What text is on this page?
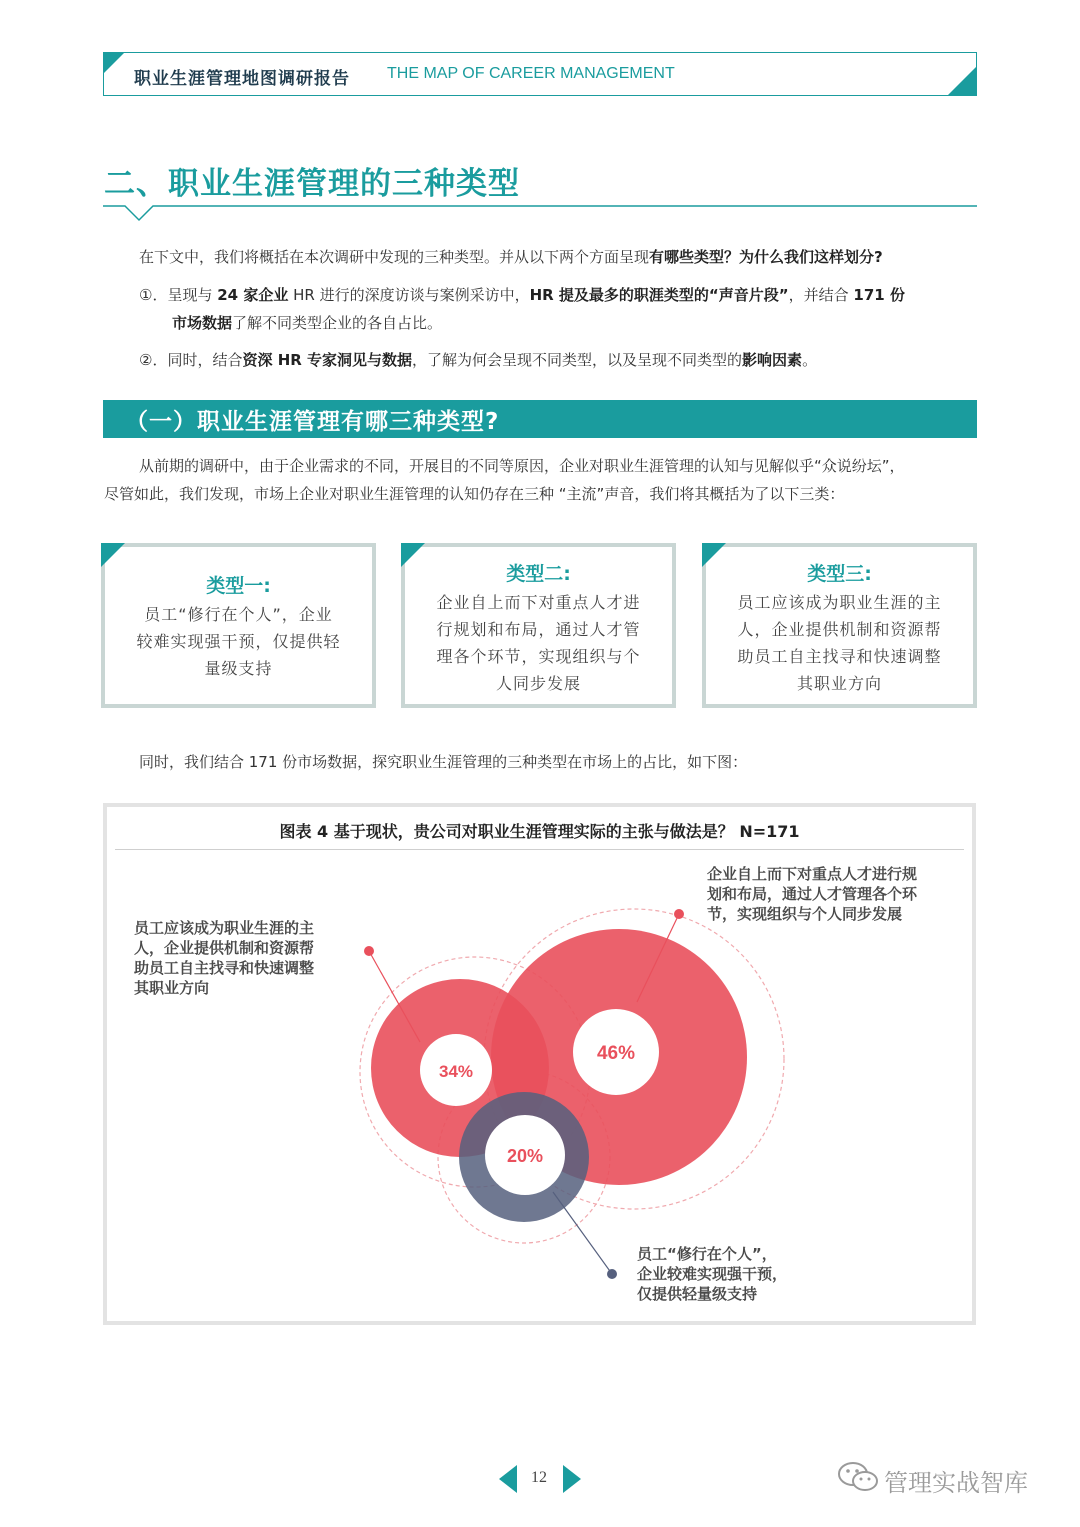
职业生涯管理地图调研报告 THE MAP OF CAREER MANAGEMENT
二、职业生涯管理的三种类型
在下文中，我们将概括在本次调研中发现的三种类型。并从以下两个方面呈现有哪些类型？为什么我们这样划分?
①．呈现与 24 家企业 HR 进行的深度访谈与案例采访中，HR 提及最多的职涯类型的“声音片段”，并结合 171 份
市场数据了解不同类型企业的各自占比。
②．同时，结合资深 HR 专家洞见与数据，了解为何会呈现不同类型，以及呈现不同类型的影响因素。
（一）职业生涯管理有哪三种类型?
从前期的调研中，由于企业需求的不同，开展目的不同等原因，企业对职业生涯管理的认知与见解似乎“众说纷坛”，
尽管如此，我们发现，市场上企业对职业生涯管理的认知仍存在三种 “主流”声音，我们将其概括为了以下三类：
类型一:
员工“修行在个人”，企业
较难实现强干预，仅提供轻
量级支持
类型二:
企业自上而下对重点人才进
行规划和布局，通过人才管
理各个环节，实现组织与个
人同步发展
类型三:
员工应该成为职业生涯的主
人，企业提供机制和资源帮
助员工自主找寻和快速调整
其职业方向
同时，我们结合 171 份市场数据，探究职业生涯管理的三种类型在市场上的占比，如下图：
图表 4 基于现状，贵公司对职业生涯管理实际的主张与做法是？ N=171
34%
46%
20%
员工应该成为职业生涯的主
人，企业提供机制和资源帮
助员工自主找寻和快速调整
其职业方向
企业自上而下对重点人才进行规
划和布局，通过人才管理各个环
节，实现组织与个人同步发展
员工“修行在个人”，
企业较难实现强干预，
仅提供轻量级支持
12	管理实战智库
